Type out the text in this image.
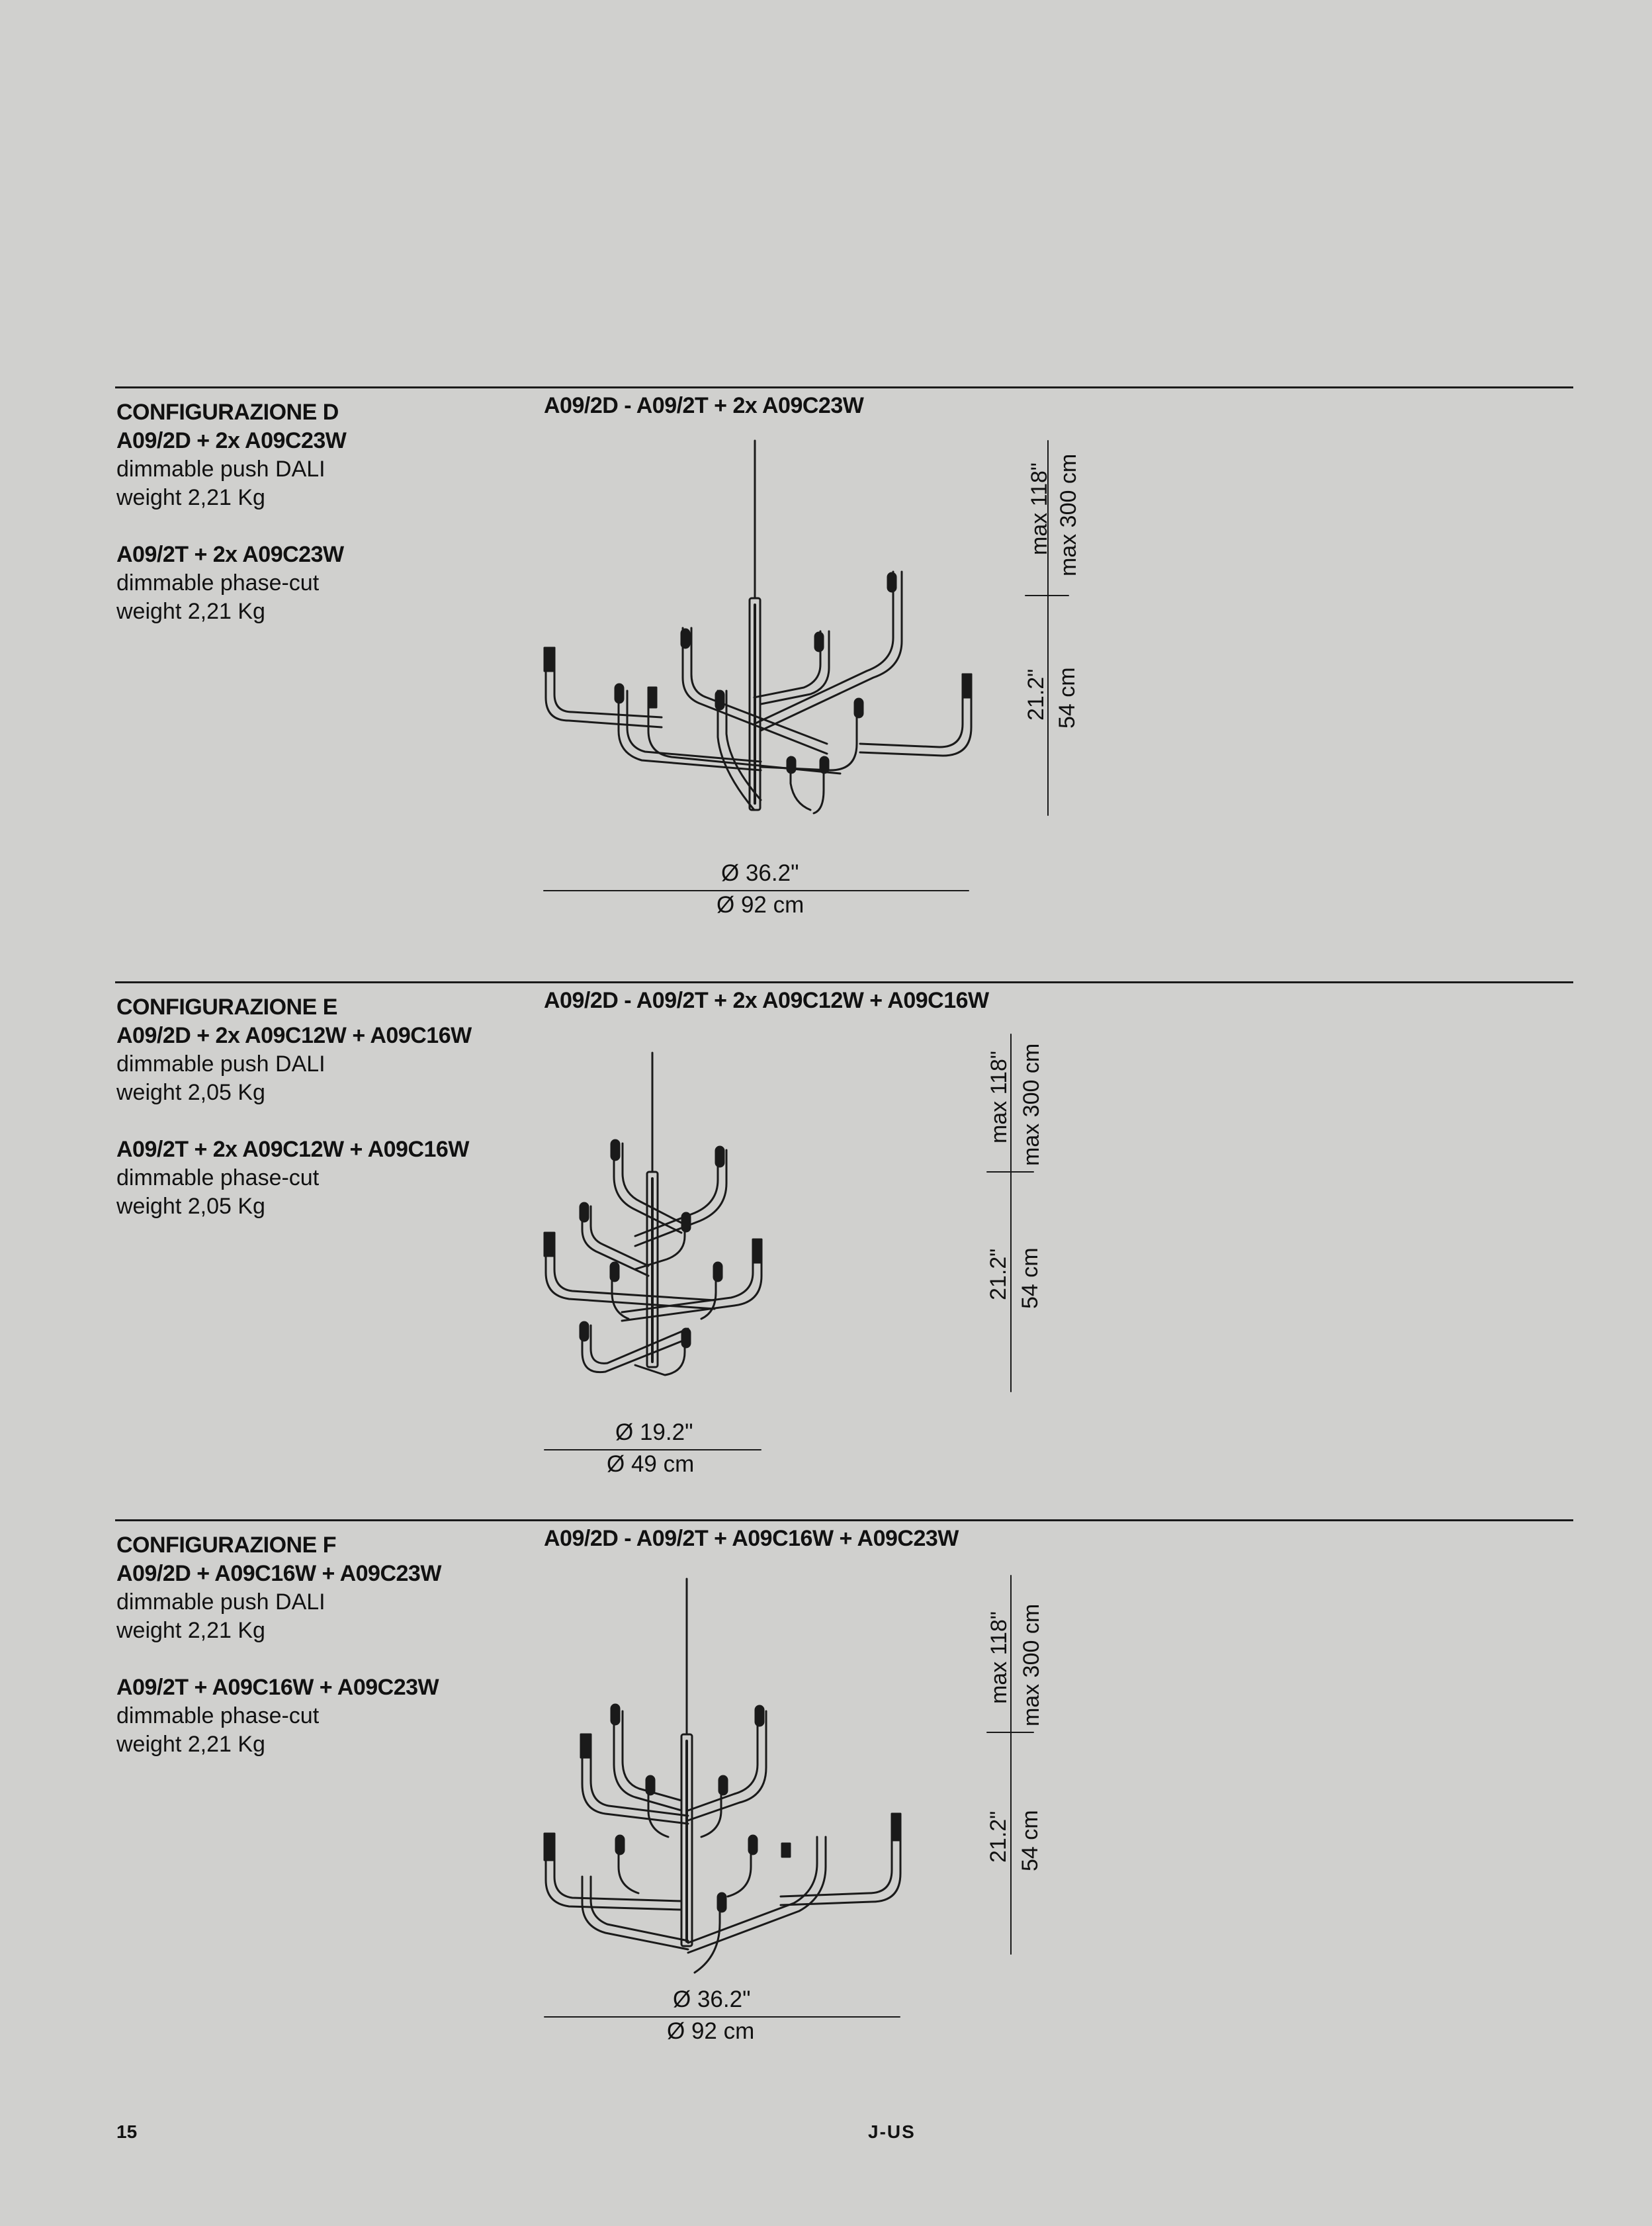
CONFIGURAZIONE D
A09/2D + 2x A09C23W
dimmable push DALI
weight 2,21 Kg
A09/2T + 2x A09C23W
dimmable phase-cut
weight 2,21 Kg
A09/2D - A09/2T + 2x A09C23W
max 118" max 300 cm
21.2" 54 cm
Ø 36.2"
Ø 92 cm
CONFIGURAZIONE E
A09/2D + 2x A09C12W + A09C16W
dimmable push DALI
weight 2,05 Kg
A09/2T + 2x A09C12W + A09C16W
dimmable phase-cut
weight 2,05 Kg
A09/2D - A09/2T + 2x A09C12W + A09C16W
max 118" max 300 cm
21.2" 54 cm
Ø 19.2"
Ø 49 cm
CONFIGURAZIONE F
A09/2D + A09C16W + A09C23W
dimmable push DALI
weight 2,21 Kg
A09/2T + A09C16W + A09C23W
dimmable phase-cut
weight 2,21 Kg
A09/2D - A09/2T + A09C16W + A09C23W
max 118" max 300 cm
21.2" 54 cm
Ø 36.2"
Ø 92 cm
15	J-US
